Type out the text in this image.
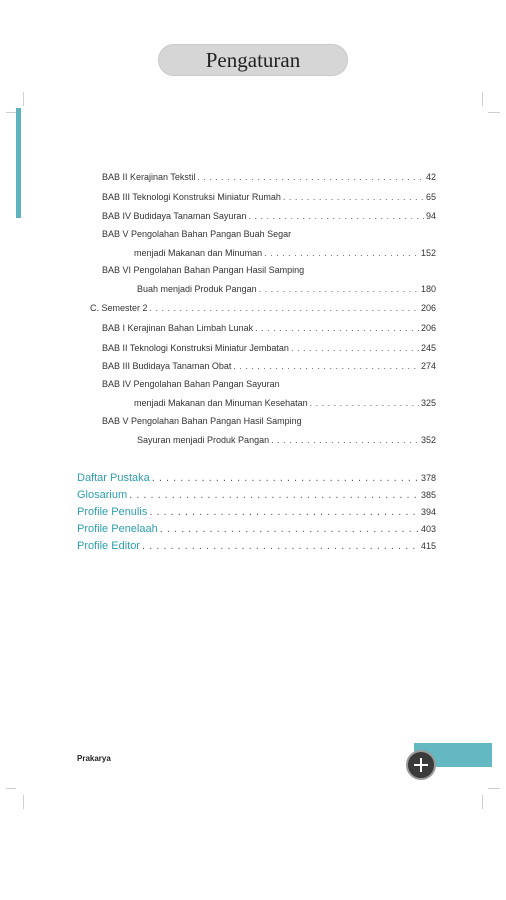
Pengaturan
BAB II Kerajinan Tekstil . . .	42
BAB III Teknologi Konstruksi Miniatur Rumah . . .	65
BAB IV Budidaya Tanaman Sayuran . . .	94
BAB V Pengolahan Bahan Pangan Buah Segar
menjadi Makanan dan Minuman . . .	152
BAB VI Pengolahan Bahan Pangan Hasil Samping
Buah menjadi Produk Pangan . . .	180
C. Semester 2 . . .	206
BAB I Kerajinan Bahan Limbah Lunak . . .	206
BAB II Teknologi Konstruksi Miniatur Jembatan . . .	245
BAB III Budidaya Tanaman Obat . . .	274
BAB IV Pengolahan Bahan Pangan Sayuran
menjadi Makanan dan Minuman Kesehatan . . .	325
BAB V Pengolahan Bahan Pangan Hasil Samping
Sayuran menjadi Produk Pangan . . .	352
Daftar Pustaka . . .	378
Glosarium . . .	385
Profile Penulis . . .	394
Profile Penelaah . . .	403
Profile Editor . . .	415
Prakarya
